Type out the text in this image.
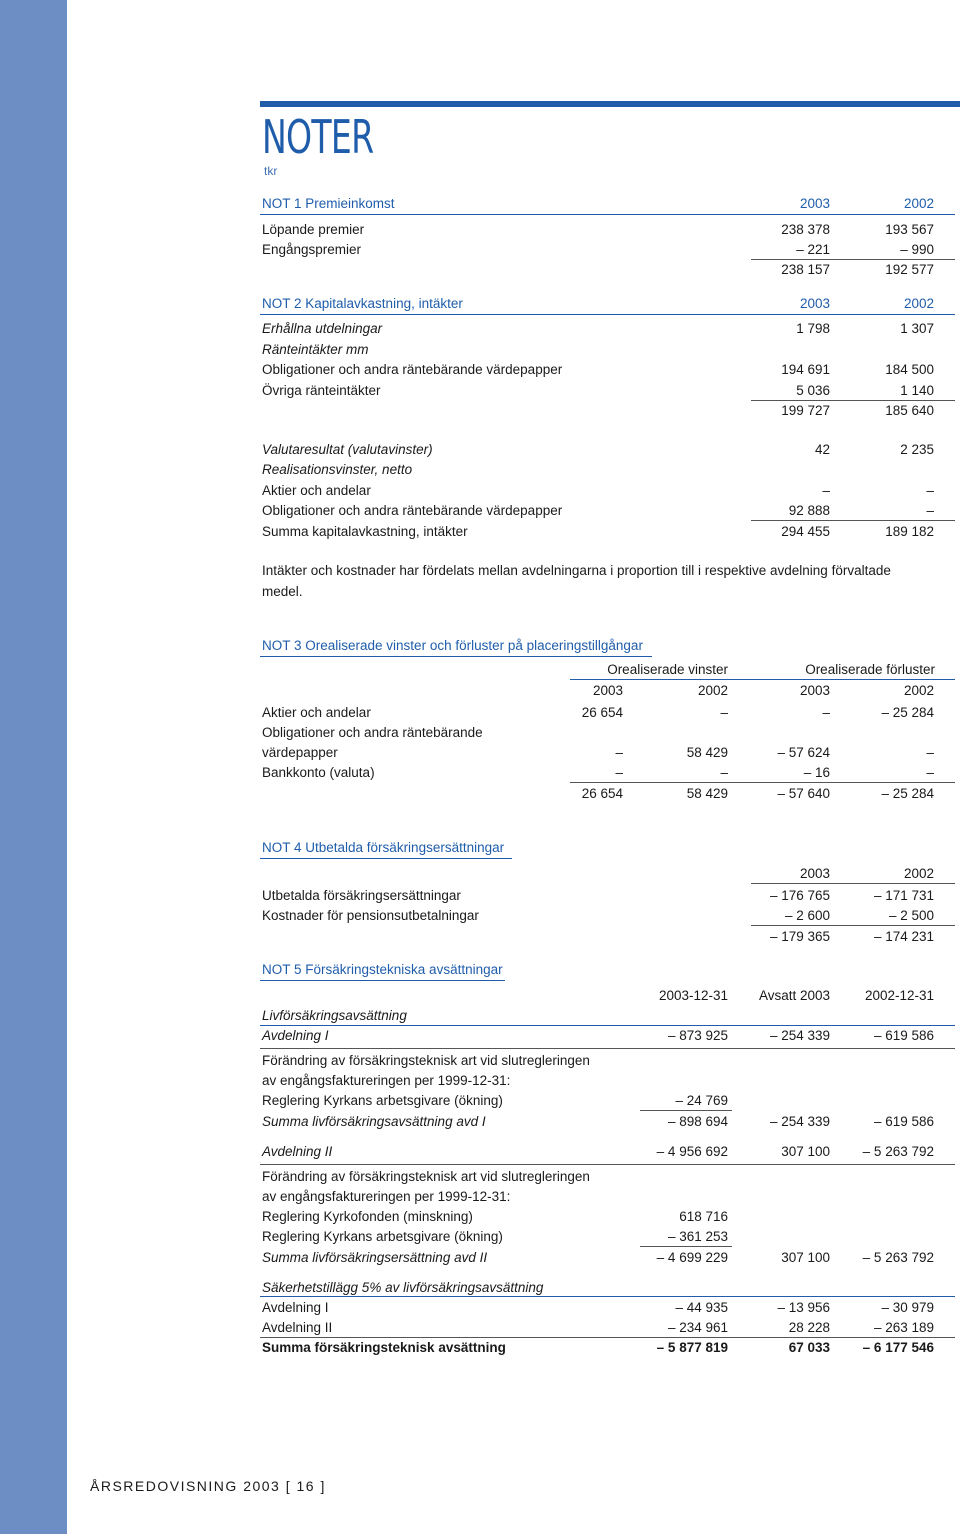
NOTER
tkr
NOT 1 Premieinkomst	2003	2002
Löpande premier	238 378	193 567
Engångspremier	– 221	– 990
238 157	192 577
NOT 2 Kapitalavkastning, intäkter	2003	2002
Erhållna utdelningar	1 798	1 307
Ränteintäkter mm
Obligationer och andra räntebärande värdepapper	194 691	184 500
Övriga ränteintäkter	5 036	1 140
199 727	185 640
Valutaresultat (valutavinster)	42	2 235
Realisationsvinster, netto
Aktier och andelar	–	–
Obligationer och andra räntebärande värdepapper	92 888	–
Summa kapitalavkastning, intäkter	294 455	189 182
Intäkter och kostnader har fördelats mellan avdelningarna i proportion till i respektive avdelning förvaltade
medel.
NOT 3 Orealiserade vinster och förluster på placeringstillgångar
Orealiserade vinster	Orealiserade förluster
2003	2002	2003	2002
Aktier och andelar	26 654	–	–	– 25 284
Obligationer och andra räntebärande
värdepapper	–	58 429	– 57 624	–
Bankkonto (valuta)	–	–	– 16	–
26 654	58 429	– 57 640	– 25 284
NOT 4 Utbetalda försäkringsersättningar
2003	2002
Utbetalda försäkringsersättningar	– 176 765	– 171 731
Kostnader för pensionsutbetalningar	– 2 600	– 2 500
– 179 365	– 174 231
NOT 5 Försäkringstekniska avsättningar
2003-12-31	Avsatt 2003	2002-12-31
Livförsäkringsavsättning
Avdelning I	– 873 925	– 254 339	– 619 586
Förändring av försäkringsteknisk art vid slutregleringen
av engångsfaktureringen per 1999-12-31:
Reglering Kyrkans arbetsgivare (ökning)	– 24 769
Summa livförsäkringsavsättning avd I	– 898 694	– 254 339	– 619 586
Avdelning II	– 4 956 692	307 100	– 5 263 792
Förändring av försäkringsteknisk art vid slutregleringen
av engångsfaktureringen per 1999-12-31:
Reglering Kyrkofonden (minskning)	618 716
Reglering Kyrkans arbetsgivare (ökning)	– 361 253
Summa livförsäkringsersättning avd II	– 4 699 229	307 100	– 5 263 792
Säkerhetstillägg 5% av livförsäkringsavsättning
Avdelning I	– 44 935	– 13 956	– 30 979
Avdelning II	– 234 961	28 228	– 263 189
Summa försäkringsteknisk avsättning	– 5 877 819	67 033	– 6 177 546
ÅRSREDOVISNING 2003 [ 16 ]
